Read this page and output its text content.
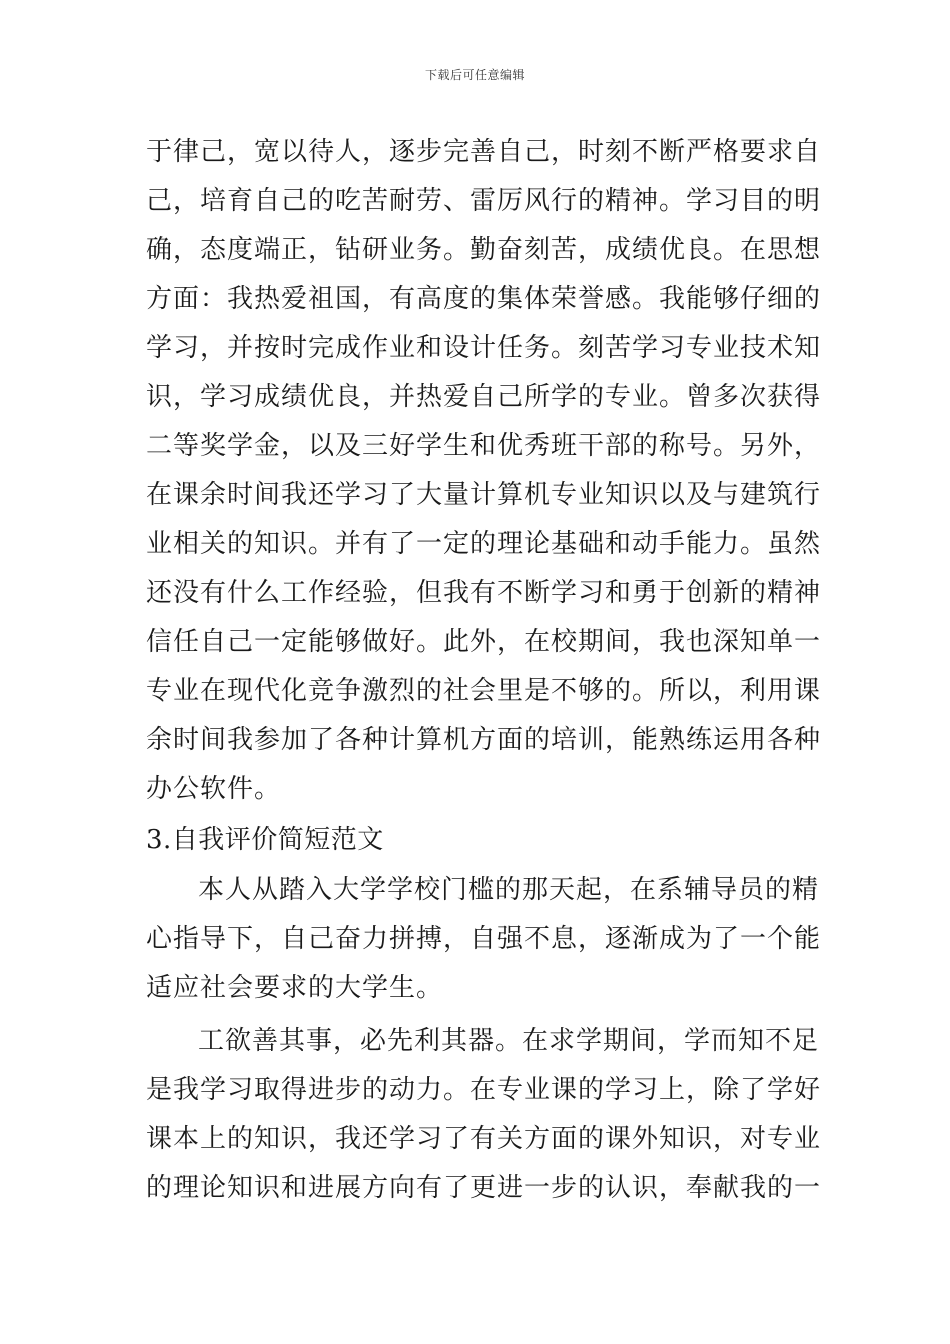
下载后可任意编辑
于律己，宽以待人，逐步完善自己，时刻不断严格要求自
己，培育自己的吃苦耐劳、雷厉风行的精神。学习目的明
确，态度端正，钻研业务。勤奋刻苦，成绩优良。在思想
方面：我热爱祖国，有高度的集体荣誉感。我能够仔细的
学习，并按时完成作业和设计任务。刻苦学习专业技术知
识，学习成绩优良，并热爱自己所学的专业。曾多次获得
二等奖学金，以及三好学生和优秀班干部的称号。另外，
在课余时间我还学习了大量计算机专业知识以及与建筑行
业相关的知识。并有了一定的理论基础和动手能力。虽然
还没有什么工作经验，但我有不断学习和勇于创新的精神
信任自己一定能够做好。此外，在校期间，我也深知单一
专业在现代化竞争激烈的社会里是不够的。所以，利用课
余时间我参加了各种计算机方面的培训，能熟练运用各种
办公软件。
3.自我评价简短范文
本人从踏入大学学校门槛的那天起，在系辅导员的精
心指导下，自己奋力拼搏，自强不息，逐渐成为了一个能
适应社会要求的大学生。
工欲善其事，必先利其器。在求学期间，学而知不足
是我学习取得进步的动力。在专业课的学习上，除了学好
课本上的知识，我还学习了有关方面的课外知识，对专业
的理论知识和进展方向有了更进一步的认识，奉献我的一
